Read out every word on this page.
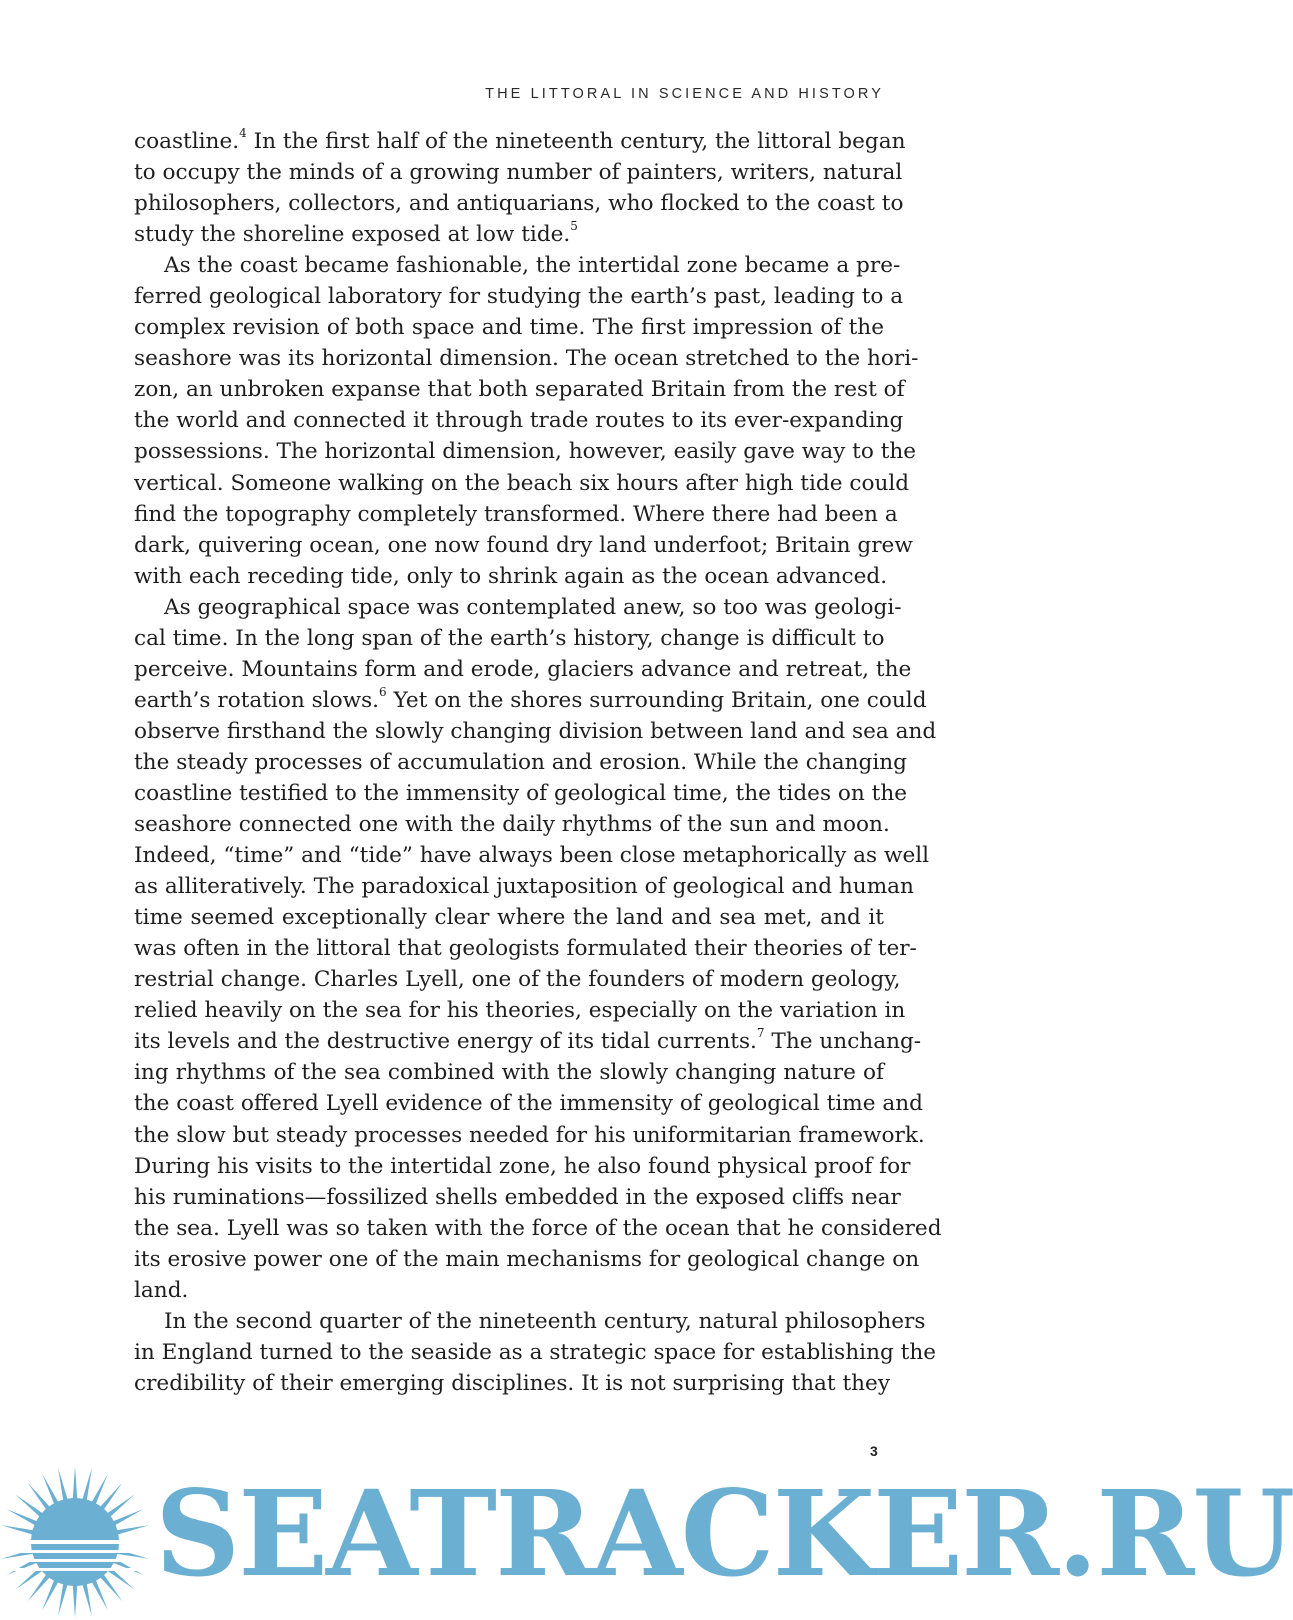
THE LITTORAL IN SCIENCE AND HISTORY
coastline.$^4$ In the first half of the nineteenth century, the littoral began
to occupy the minds of a growing number of painters, writers, natural
philosophers, collectors, and antiquarians, who flocked to the coast to
study the shoreline exposed at low tide.$^5$
As the coast became fashionable, the intertidal zone became a pre-
ferred geological laboratory for studying the earth’s past, leading to a
complex revision of both space and time. The first impression of the
seashore was its horizontal dimension. The ocean stretched to the hori-
zon, an unbroken expanse that both separated Britain from the rest of
the world and connected it through trade routes to its ever-expanding
possessions. The horizontal dimension, however, easily gave way to the
vertical. Someone walking on the beach six hours after high tide could
find the topography completely transformed. Where there had been a
dark, quivering ocean, one now found dry land underfoot; Britain grew
with each receding tide, only to shrink again as the ocean advanced.
As geographical space was contemplated anew, so too was geologi-
cal time. In the long span of the earth’s history, change is difficult to
perceive. Mountains form and erode, glaciers advance and retreat, the
earth’s rotation slows.$^6$ Yet on the shores surrounding Britain, one could
observe firsthand the slowly changing division between land and sea and
the steady processes of accumulation and erosion. While the changing
coastline testified to the immensity of geological time, the tides on the
seashore connected one with the daily rhythms of the sun and moon.
Indeed, “time” and “tide” have always been close metaphorically as well
as alliteratively. The paradoxical juxtaposition of geological and human
time seemed exceptionally clear where the land and sea met, and it
was often in the littoral that geologists formulated their theories of ter-
restrial change. Charles Lyell, one of the founders of modern geology,
relied heavily on the sea for his theories, especially on the variation in
its levels and the destructive energy of its tidal currents.$^7$ The unchang-
ing rhythms of the sea combined with the slowly changing nature of
the coast offered Lyell evidence of the immensity of geological time and
the slow but steady processes needed for his uniformitarian framework.
During his visits to the intertidal zone, he also found physical proof for
his ruminations—fossilized shells embedded in the exposed cliffs near
the sea. Lyell was so taken with the force of the ocean that he considered
its erosive power one of the main mechanisms for geological change on
land.
In the second quarter of the nineteenth century, natural philosophers
in England turned to the seaside as a strategic space for establishing the
credibility of their emerging disciplines. It is not surprising that they
3
SEATRACKER.RU
